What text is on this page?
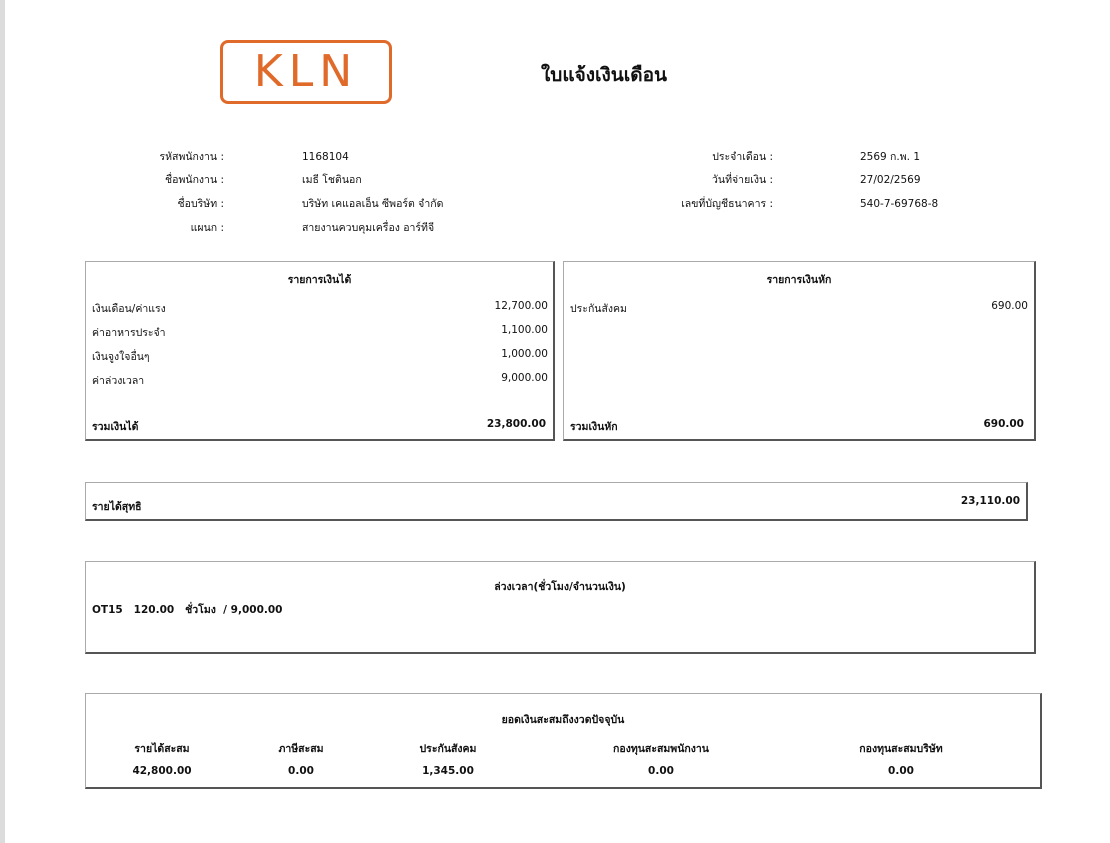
KLN	ใบแจ้งเงินเดือน
รหัสพนักงาน :	1168104
ชื่อพนักงาน :	เมธี โชตินอก
ชื่อบริษัท :	บริษัท เคแอลเอ็น ซีพอร์ต จำกัด
แผนก :	สายงานควบคุมเครื่อง อาร์ทีจี
ประจำเดือน :	2569 ก.พ. 1
วันที่จ่ายเงิน :	27/02/2569
เลขที่บัญชีธนาคาร :	540-7-69768-8
รายการเงินได้
เงินเดือน/ค่าแรง	12,700.00
ค่าอาหารประจำ	1,100.00
เงินจูงใจอื่นๆ	1,000.00
ค่าล่วงเวลา	9,000.00
รวมเงินได้	23,800.00
รายการเงินหัก
ประกันสังคม	690.00
รวมเงินหัก	690.00
รายได้สุทธิ	23,110.00
ล่วงเวลา(ชั่วโมง/จำนวนเงิน)
OT15   120.00   ชั่วโมง  / 9,000.00
ยอดเงินสะสมถึงงวดปัจจุบัน
รายได้สะสม	ภาษีสะสม	ประกันสังคม	กองทุนสะสมพนักงาน	กองทุนสะสมบริษัท
42,800.00	0.00	1,345.00	0.00	0.00
